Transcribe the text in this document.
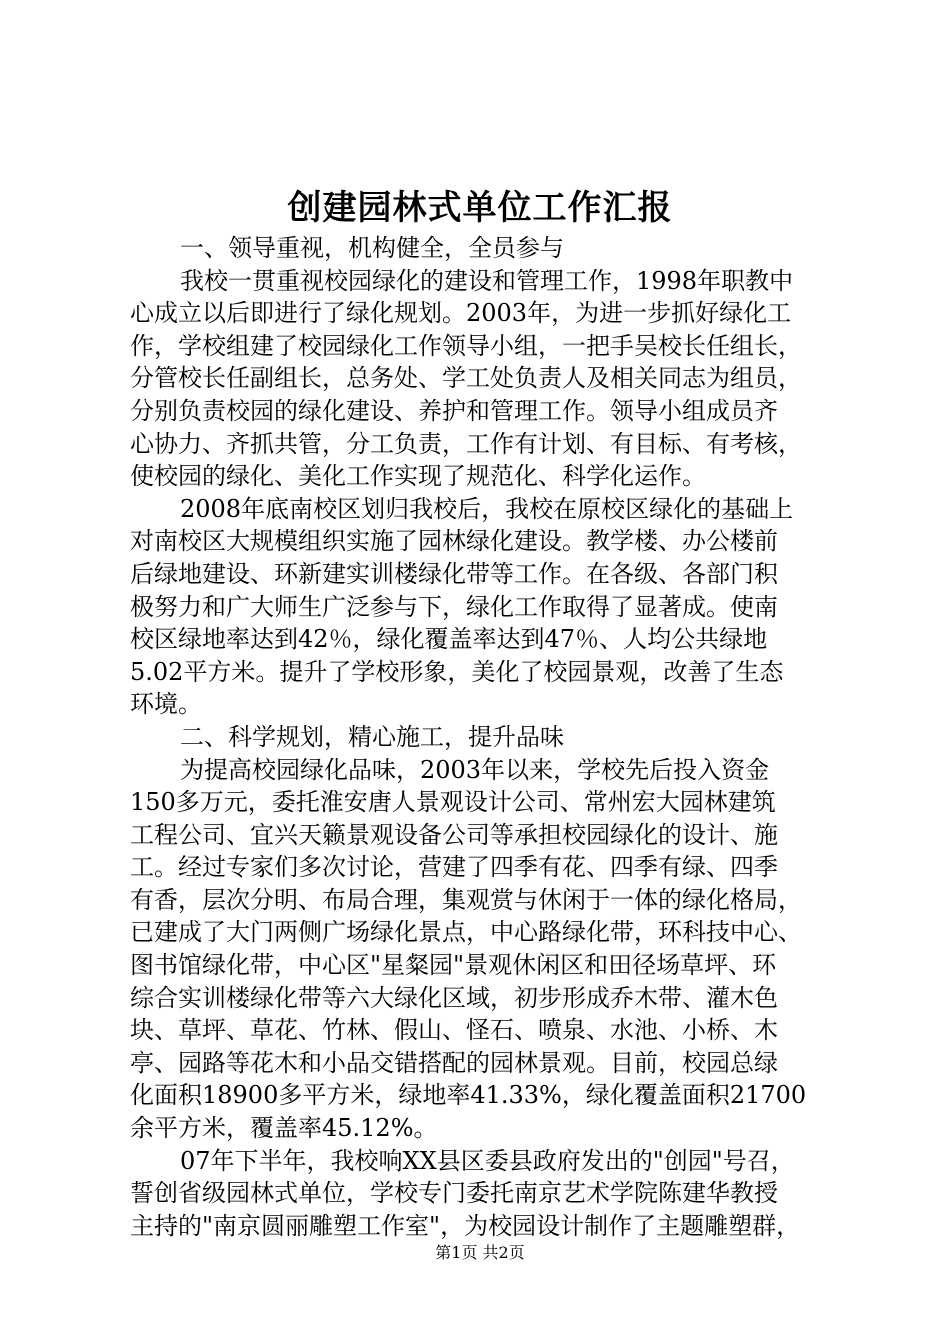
创建园林式单位工作汇报
一、领导重视，机构健全，全员参与
我校一贯重视校园绿化的建设和管理工作，1998年职教中
心成立以后即进行了绿化规划。2003年，为进一步抓好绿化工
作，学校组建了校园绿化工作领导小组，一把手吴校长任组长，
分管校长任副组长，总务处、学工处负责人及相关同志为组员，
分别负责校园的绿化建设、养护和管理工作。领导小组成员齐
心协力、齐抓共管，分工负责，工作有计划、有目标、有考核，
使校园的绿化、美化工作实现了规范化、科学化运作。
2008年底南校区划归我校后，我校在原校区绿化的基础上
对南校区大规模组织实施了园林绿化建设。教学楼、办公楼前
后绿地建设、环新建实训楼绿化带等工作。在各级、各部门积
极努力和广大师生广泛参与下，绿化工作取得了显著成。使南
校区绿地率达到42％，绿化覆盖率达到47％、人均公共绿地
5.02平方米。提升了学校形象，美化了校园景观，改善了生态
环境。
二、科学规划，精心施工，提升品味
为提高校园绿化品味，2003年以来，学校先后投入资金
150多万元，委托淮安唐人景观设计公司、常州宏大园林建筑
工程公司、宜兴天籁景观设备公司等承担校园绿化的设计、施
工。经过专家们多次讨论，营建了四季有花、四季有绿、四季
有香，层次分明、布局合理，集观赏与休闲于一体的绿化格局，
已建成了大门两侧广场绿化景点，中心路绿化带，环科技中心、
图书馆绿化带，中心区"星粲园"景观休闲区和田径场草坪、环
综合实训楼绿化带等六大绿化区域，初步形成乔木带、灌木色
块、草坪、草花、竹林、假山、怪石、喷泉、水池、小桥、木
亭、园路等花木和小品交错搭配的园林景观。目前，校园总绿
化面积18900多平方米，绿地率41.33%，绿化覆盖面积21700
余平方米，覆盖率45.12%。
07年下半年，我校响XX县区委县政府发出的"创园"号召，
誓创省级园林式单位，学校专门委托南京艺术学院陈建华教授
主持的"南京圆丽雕塑工作室"，为校园设计制作了主题雕塑群，
第1页 共2页
